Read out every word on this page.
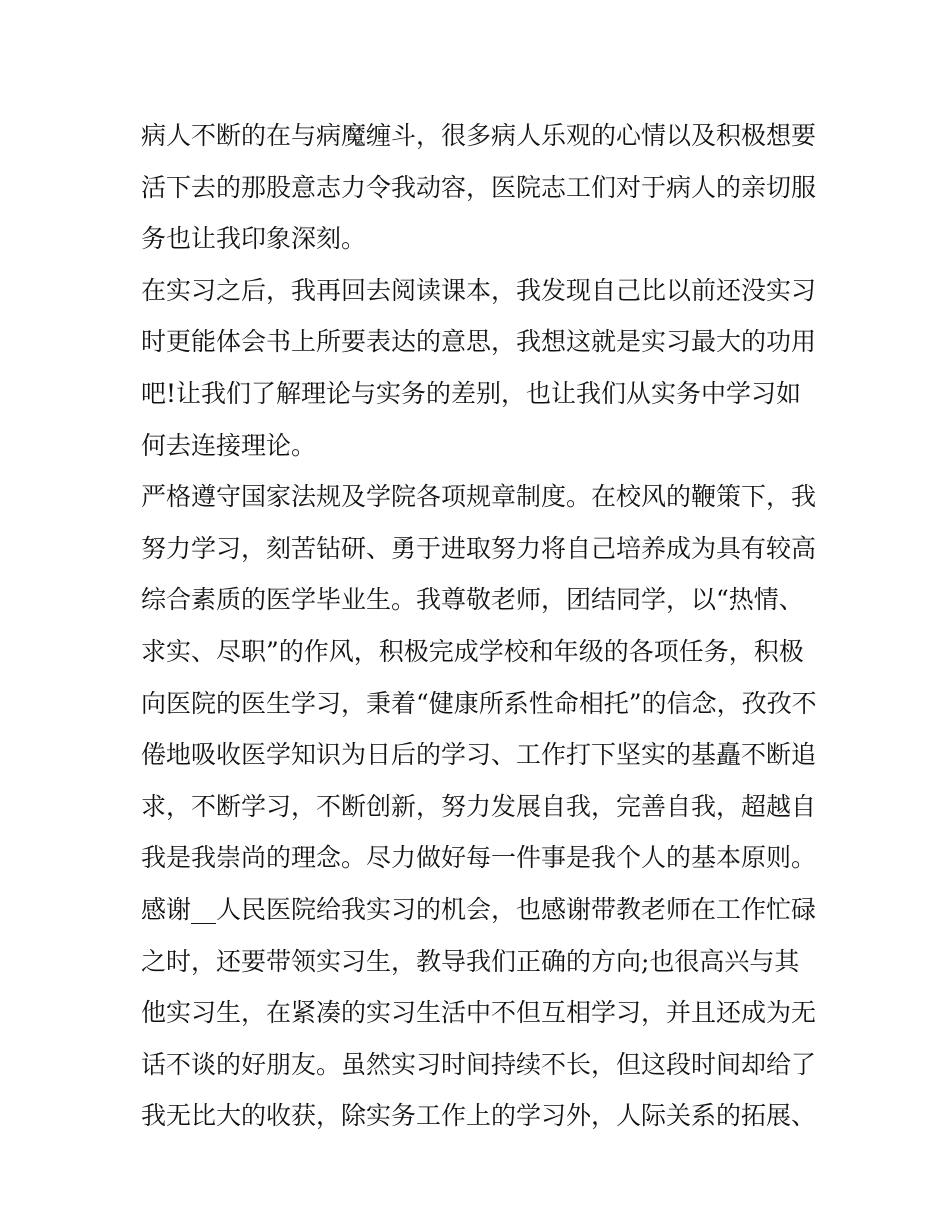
病人不断的在与病魔缠斗，很多病人乐观的心情以及积极想要
活下去的那股意志力令我动容，医院志工们对于病人的亲切服
务也让我印象深刻。
在实习之后，我再回去阅读课本，我发现自己比以前还没实习
时更能体会书上所要表达的意思，我想这就是实习最大的功用
吧!让我们了解理论与实务的差别，也让我们从实务中学习如
何去连接理论。
严格遵守国家法规及学院各项规章制度。在校风的鞭策下，我
努力学习，刻苦钻研、勇于进取努力将自己培养成为具有较高
综合素质的医学毕业生。我尊敬老师，团结同学，以“热情、
求实、尽职”的作风，积极完成学校和年级的各项任务，积极
向医院的医生学习，秉着“健康所系性命相托”的信念，孜孜不
倦地吸收医学知识为日后的学习、工作打下坚实的基矗不断追
求，不断学习，不断创新，努力发展自我，完善自我，超越自
我是我崇尚的理念。尽力做好每一件事是我个人的基本原则。
感谢__人民医院给我实习的机会，也感谢带教老师在工作忙碌
之时，还要带领实习生，教导我们正确的方向;也很高兴与其
他实习生，在紧凑的实习生活中不但互相学习，并且还成为无
话不谈的好朋友。虽然实习时间持续不长，但这段时间却给了
我无比大的收获，除实务工作上的学习外，人际关系的拓展、
